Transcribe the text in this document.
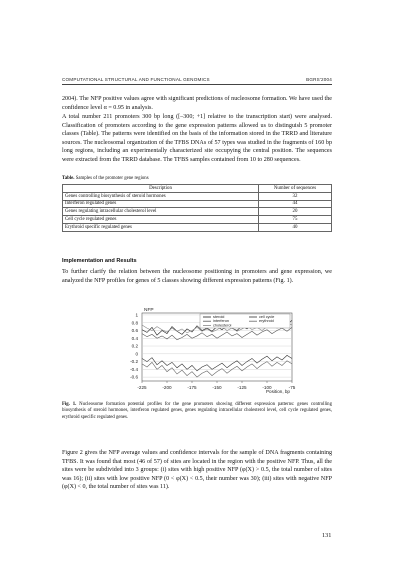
COMPUTATIONAL STRUCTURAL AND FUNCTIONAL GENOMICS	BGRS'2004
2004). The NFP positive values agree with significant predictions of nucleosome formation. We have used the confidence level α = 0.95 in analysis.
A total number 211 promoters 300 bp long ([–300; +1] relative to the transcription start) were analysed. Classification of promoters according to the gene expression patterns allowed us to distinguish 5 promoter classes (Table). The patterns were identified on the basis of the information stored in the TRRD and literature sources. The nucleosomal organization of the TFBS DNAs of 57 types was studied in the fragments of 160 bp long regions, including an experimentally characterized site occupying the central position. The sequences were extracted from the TRRD database. The TFBS samples contained from 10 to 280 sequences.
Table. Samples of the promoter gene regions
Description	Number of sequences
Genes controlling biosynthesis of steroid hormones	32
Interferon regulated genes	44
Genes regulating intracellular cholesterol level	20
Cell cycle regulated genes	75
Erythroid specific regulated genes	40
Implementation and Results
To further clarify the relation between the nucleosome positioning in promoters and gene expression, we analyzed the NFP profiles for genes of 5 classes showing different expression patterns (Fig. 1).
1
0.8
0.6
0.4
0.2
0
-0.2
-0.4
-0.6
-225	-200	-175	-150	-125	-100	-75
NFP
Position, bp
steroid
interferon
cholesterol
cell cycle
erythroid
Fig. 1. Nucleosome formation potential profiles for the gene promoters showing different expression patterns: genes controlling biosynthesis of steroid hormones, interferon regulated genes, genes regulating intracellular cholesterol level, cell cycle regulated genes, erythroid specific regulated genes.
Figure 2 gives the NFP average values and confidence intervals for the sample of DNA fragments containing TFBS. It was found that most (46 of 57) of sites are located in the region with the positive NFP. Thus, all the sites were be subdivided into 3 groups: (i) sites with high positive NFP (φ(X) > 0.5, the total number of sites was 16); (ii) sites with low positive NFP (0 < φ(X) < 0.5, their number was 30); (iii) sites with negative NFP (φ(X) < 0, the total number of sites was 11).
131
